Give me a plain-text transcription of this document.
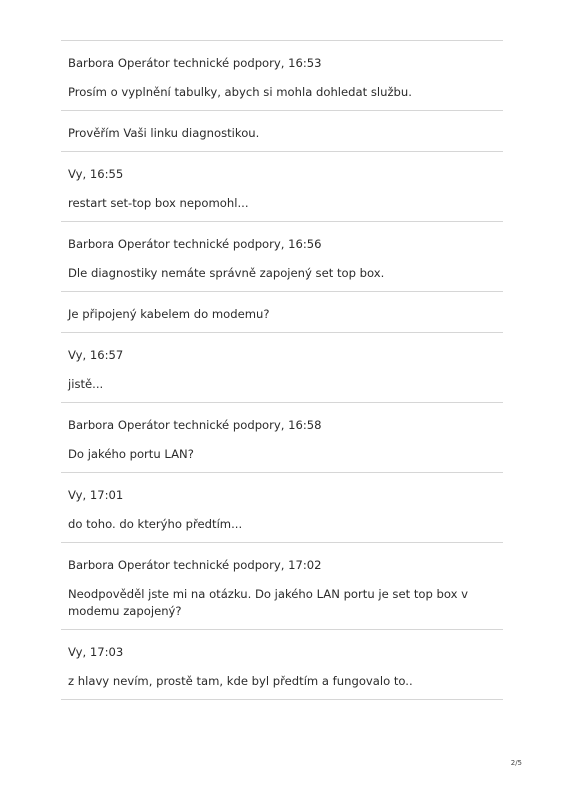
Barbora Operátor technické podpory, 16:53
Prosím o vyplnění tabulky, abych si mohla dohledat službu.
Prověřím Vaši linku diagnostikou.
Vy, 16:55
restart set-top box nepomohl...
Barbora Operátor technické podpory, 16:56
Dle diagnostiky nemáte správně zapojený set top box.
Je připojený kabelem do modemu?
Vy, 16:57
jistě...
Barbora Operátor technické podpory, 16:58
Do jakého portu LAN?
Vy, 17:01
do toho. do kterýho předtím...
Barbora Operátor technické podpory, 17:02
Neodpověděl jste mi na otázku. Do jakého LAN portu je set top box v modemu zapojený?
Vy, 17:03
z hlavy nevím, prostě tam, kde byl předtím a fungovalo to..
2/5
